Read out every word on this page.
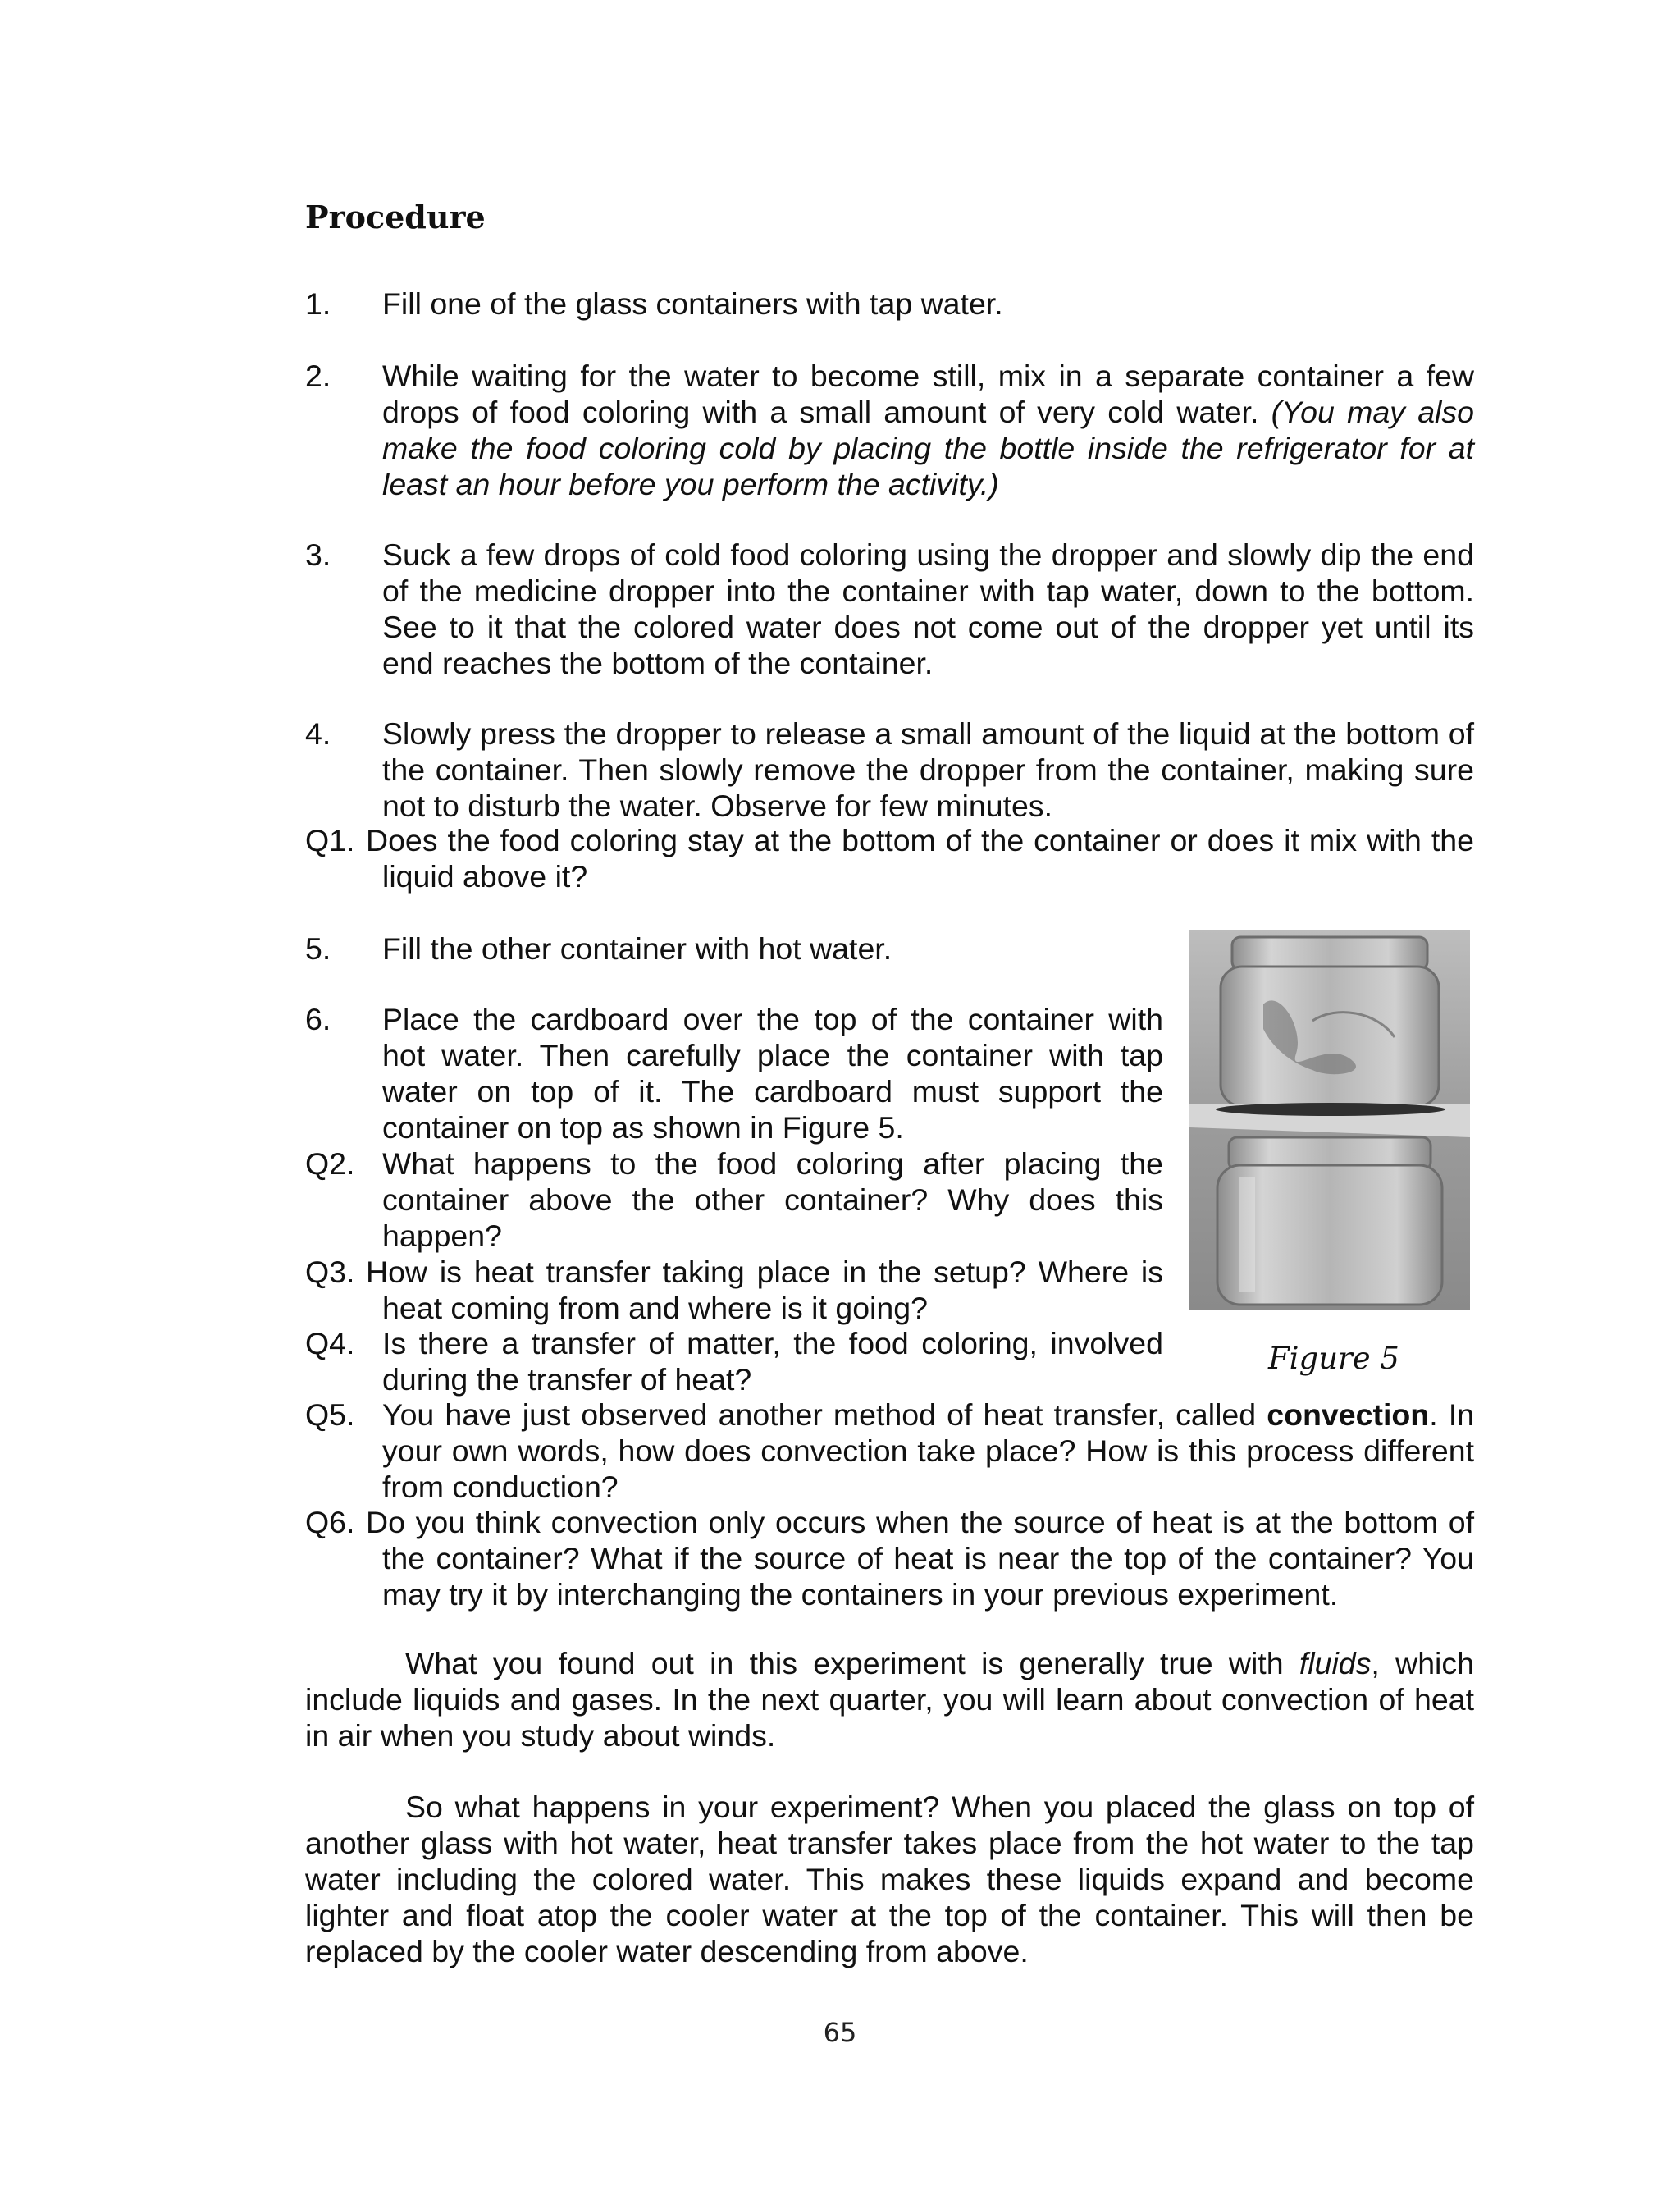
Procedure
1. Fill one of the glass containers with tap water.
2. While waiting for the water to become still, mix in a separate container a few drops of food coloring with a small amount of very cold water. (You may also make the food coloring cold by placing the bottle inside the refrigerator for at least an hour before you perform the activity.)
3. Suck a few drops of cold food coloring using the dropper and slowly dip the end of the medicine dropper into the container with tap water, down to the bottom. See to it that the colored water does not come out of the dropper yet until its end reaches the bottom of the container.
4. Slowly press the dropper to release a small amount of the liquid at the bottom of the container. Then slowly remove the dropper from the container, making sure not to disturb the water. Observe for few minutes.
Q1. Does the food coloring stay at the bottom of the container or does it mix with the liquid above it?
5. Fill the other container with hot water.
6. Place the cardboard over the top of the container with hot water. Then carefully place the container with tap water on top of it. The cardboard must support the container on top as shown in Figure 5.
Q2. What happens to the food coloring after placing the container above the other container? Why does this happen?
Q3. How is heat transfer taking place in the setup? Where is heat coming from and where is it going?
Q4. Is there a transfer of matter, the food coloring, involved during the transfer of heat?
Q5. You have just observed another method of heat transfer, called convection. In your own words, how does convection take place? How is this process different from conduction?
Q6. Do you think convection only occurs when the source of heat is at the bottom of the container? What if the source of heat is near the top of the container? You may try it by interchanging the containers in your previous experiment.
Figure 5

What you found out in this experiment is generally true with fluids, which include liquids and gases. In the next quarter, you will learn about convection of heat in air when you study about winds.

So what happens in your experiment? When you placed the glass on top of another glass with hot water, heat transfer takes place from the hot water to the tap water including the colored water. This makes these liquids expand and become lighter and float atop the cooler water at the top of the container. This will then be replaced by the cooler water descending from above.

65
